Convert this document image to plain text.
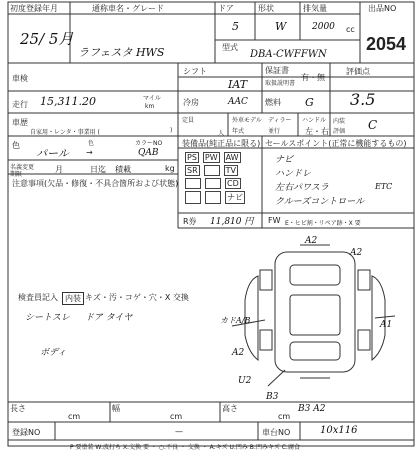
初度登録年月
25/ 5月
通称車名・グレード
ラフェスタ HWS
ドア
5
形状
W
排気量
2000 cc
型式
DBA-CWFFWN
出品NO
2054
車検
走行 15,311.20	マイル
km
車歴
自家用・レンタ・事業用 (	)
シフト
IAT
保証書
取扱説明書
有・無
冷房	AAC 燃料 G
定員
人
外車モデル
年式
ディラー
並行
ハンドル
左・右
評価点
3.5
内装
評価 C
色	色	カラーNO
パール →	QAB
名義変更
期限
月	日迄 積載	kg
注意事項(欠品・修復・不具合箇所および状態)
装備品(純正品に限る)
PS PW AW
SR	TV
CD
ナビ
R券 11,810 円
セールスポイント(正常に機能するもの)
ナビ
ハンドレ
左右パワスラ
クルーズコントロール
ETC
FW E・ヒビ割・リペア跡・X 要
検査員記入 内装 キズ・汚・コゲ・穴・X 交換
シートスレ ドア タイヤ
ボディ
A2
A2
A1
A2
U2
B3
B3 A2
カドA/B
長さ
cm
幅
cm
高さ
cm
登録NO	—	車台NO	10x116
P 要塗装 W:波打ち X:交換 要 ・ ○:不良 ・ 交換 ・ A:キズ U:凹み B:凹みキズ C:腐食
